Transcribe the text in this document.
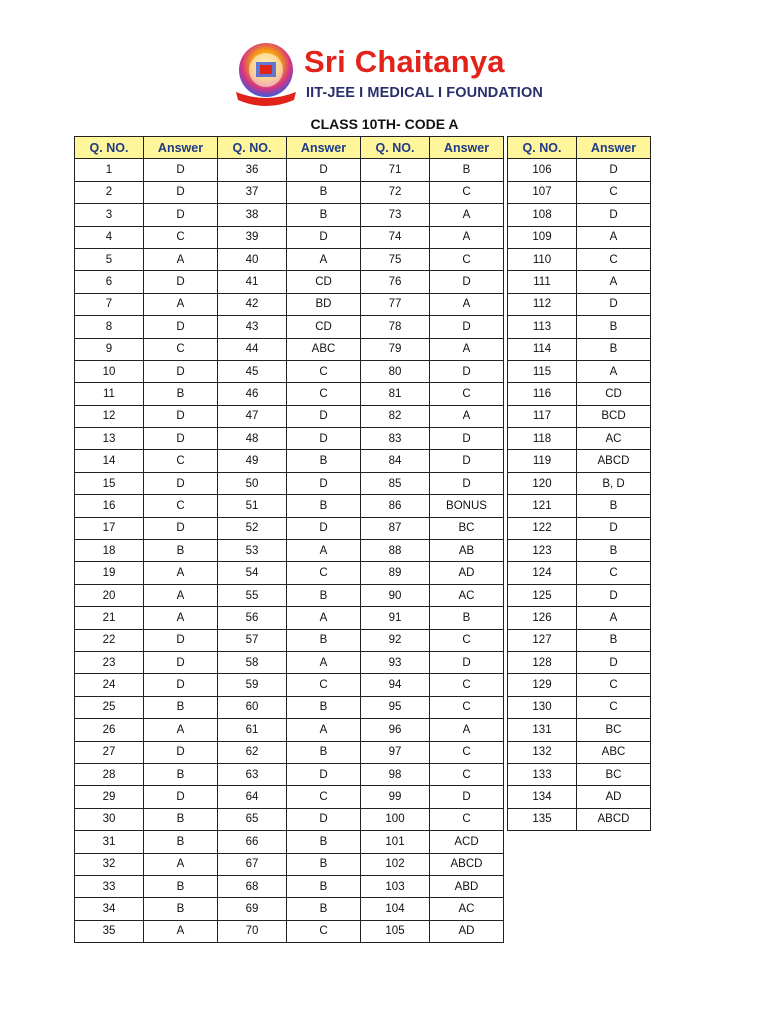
Sri Chaitanya
IIT-JEE I MEDICAL I FOUNDATION
CLASS 10TH- CODE A
Q. NO.	Answer	Q. NO.	Answer	Q. NO.	Answer
1	D	36	D	71	B
2	D	37	B	72	C
3	D	38	B	73	A
4	C	39	D	74	A
5	A	40	A	75	C
6	D	41	CD	76	D
7	A	42	BD	77	A
8	D	43	CD	78	D
9	C	44	ABC	79	A
10	D	45	C	80	D
11	B	46	C	81	C
12	D	47	D	82	A
13	D	48	D	83	D
14	C	49	B	84	D
15	D	50	D	85	D
16	C	51	B	86	BONUS
17	D	52	D	87	BC
18	B	53	A	88	AB
19	A	54	C	89	AD
20	A	55	B	90	AC
21	A	56	A	91	B
22	D	57	B	92	C
23	D	58	A	93	D
24	D	59	C	94	C
25	B	60	B	95	C
26	A	61	A	96	A
27	D	62	B	97	C
28	B	63	D	98	C
29	D	64	C	99	D
30	B	65	D	100	C
31	B	66	B	101	ACD
32	A	67	B	102	ABCD
33	B	68	B	103	ABD
34	B	69	B	104	AC
35	A	70	C	105	AD
Q. NO.	Answer
106	D
107	C
108	D
109	A
110	C
111	A
112	D
113	B
114	B
115	A
116	CD
117	BCD
118	AC
119	ABCD
120	B, D
121	B
122	D
123	B
124	C
125	D
126	A
127	B
128	D
129	C
130	C
131	BC
132	ABC
133	BC
134	AD
135	ABCD
